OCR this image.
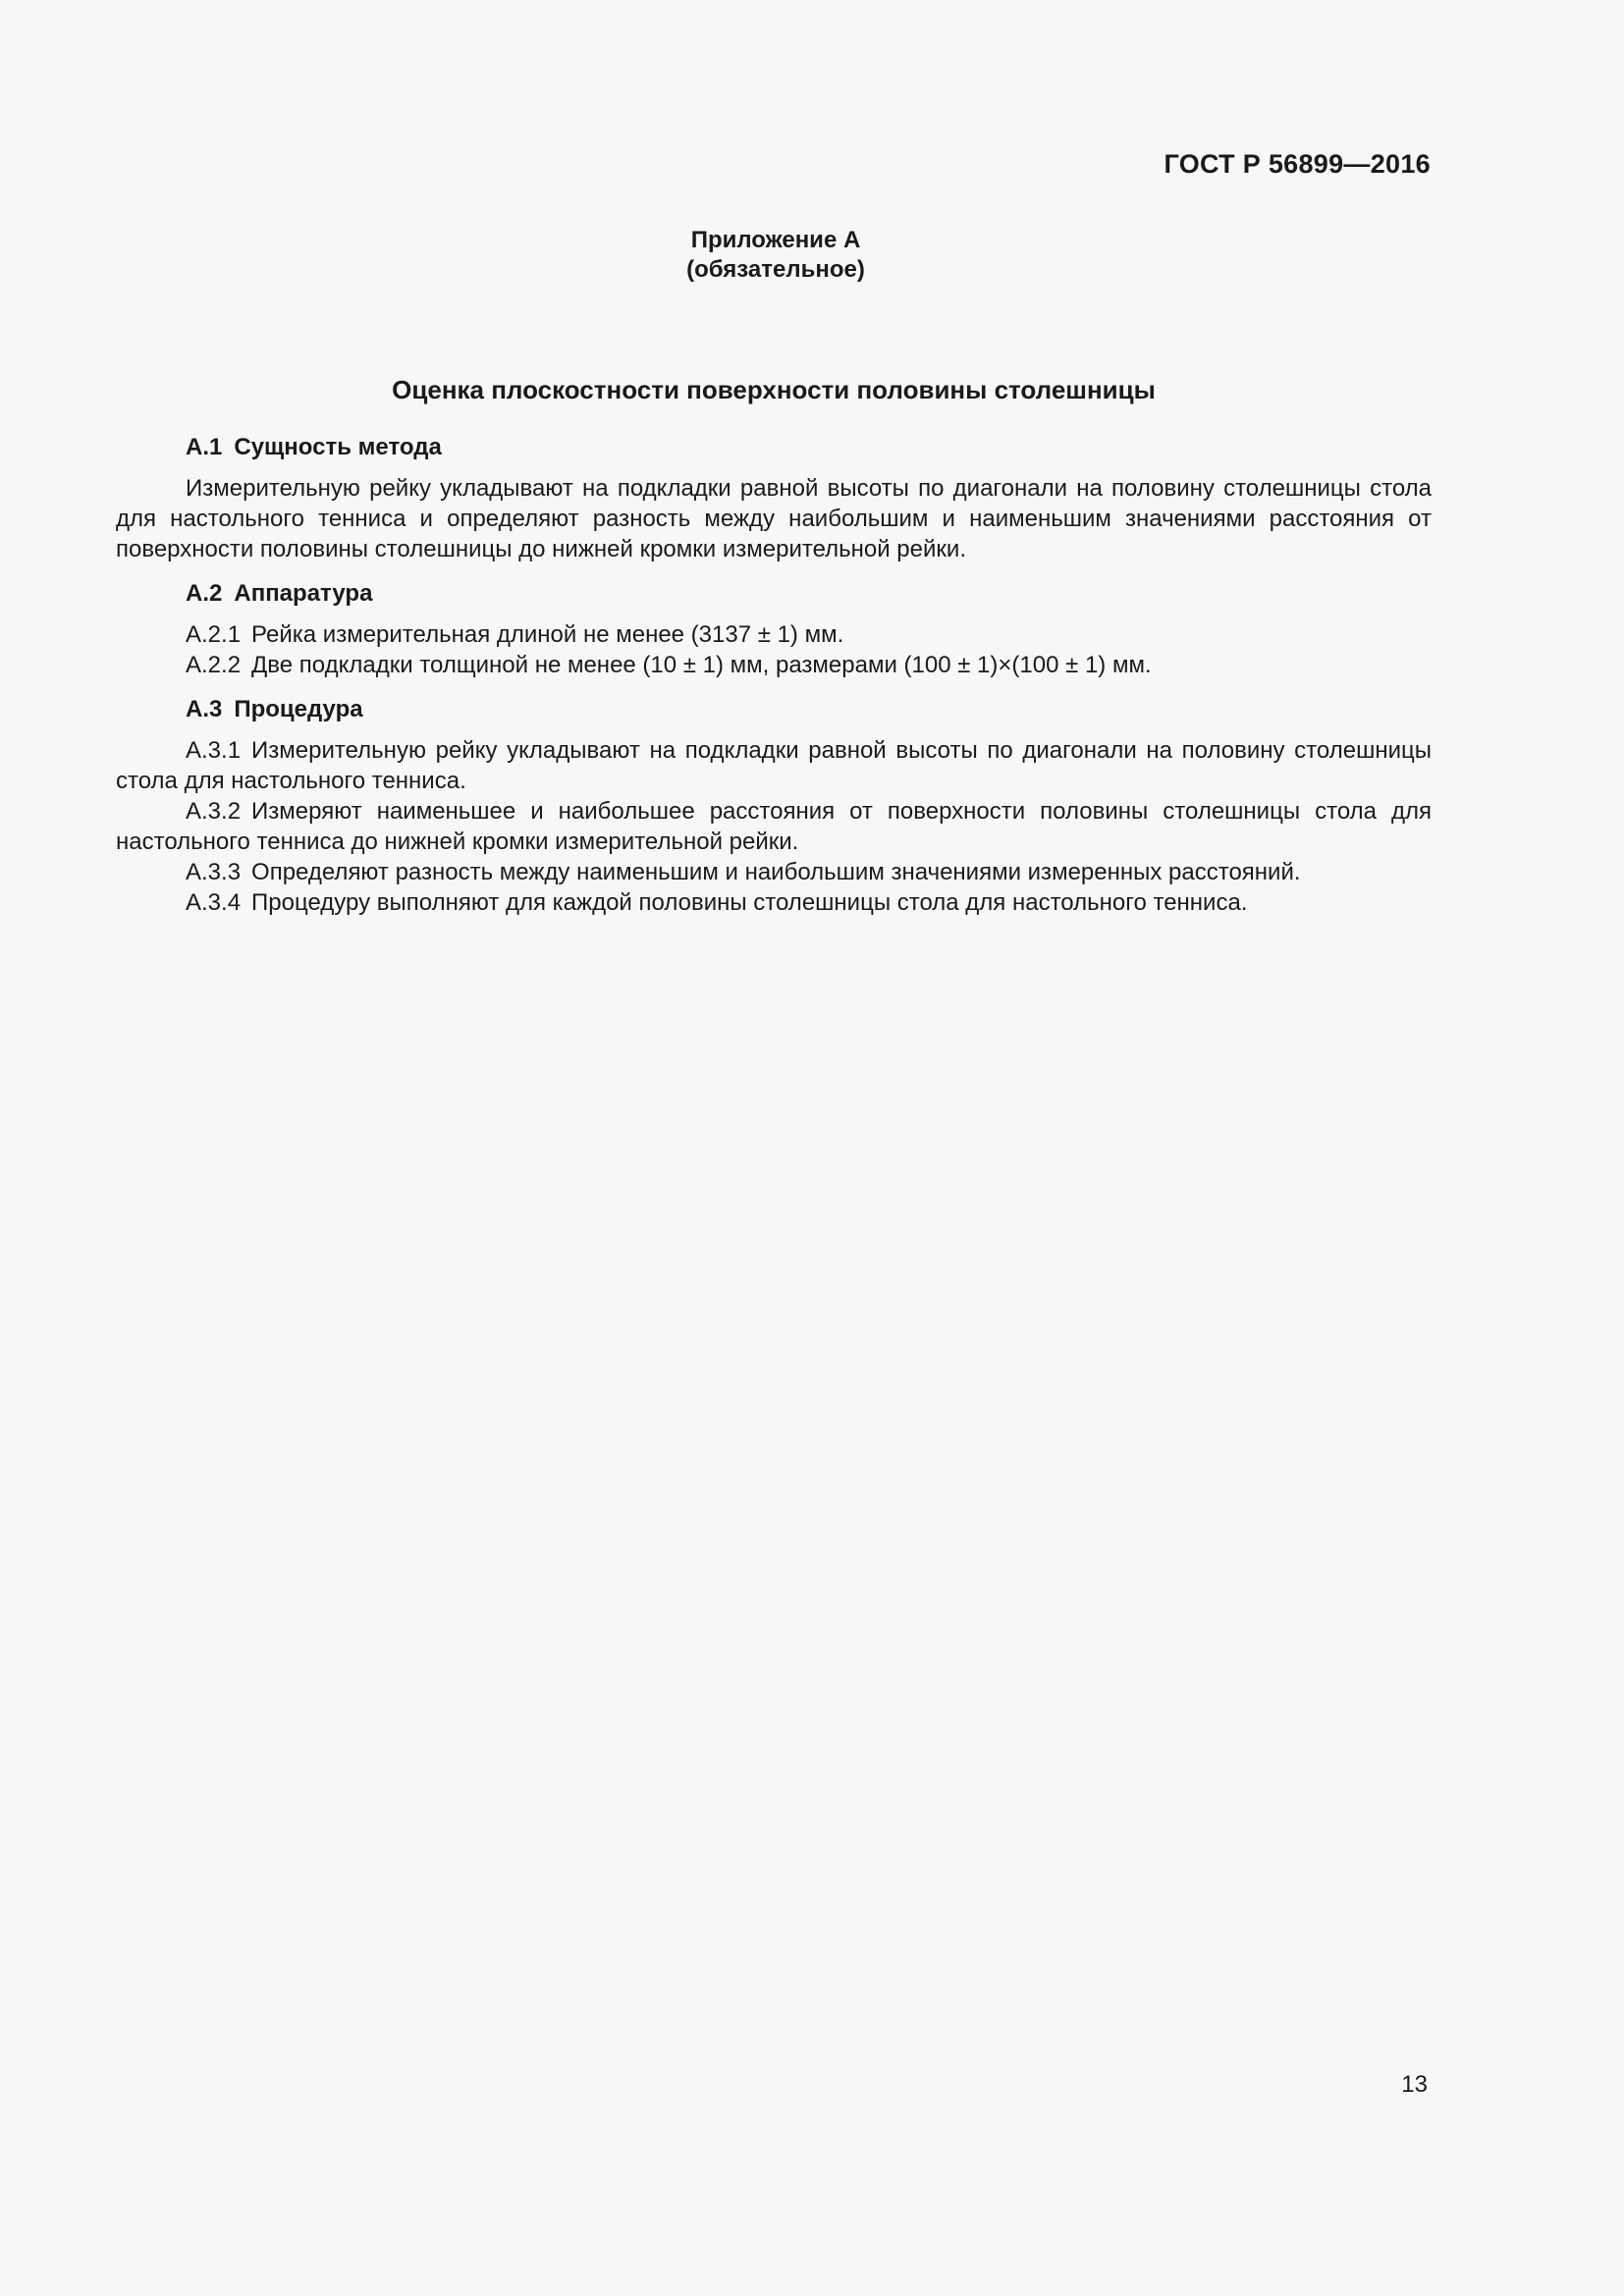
ГОСТ Р 56899—2016
Приложение А
(обязательное)
Оценка плоскостности поверхности половины столешницы
А.1 Сущность метода

Измерительную рейку укладывают на подкладки равной высоты по диагонали на половину столешницы стола для настольного тенниса и определяют разность между наибольшим и наименьшим значениями расстояния от поверхности половины столешницы до нижней кромки измерительной рейки.

А.2 Аппаратура

А.2.1 Рейка измерительная длиной не менее (3137 ± 1) мм.

А.2.2 Две подкладки толщиной не менее (10 ± 1) мм, размерами (100 ± 1)×(100 ± 1) мм.

А.3 Процедура

А.3.1 Измерительную рейку укладывают на подкладки равной высоты по диагонали на половину столешницы стола для настольного тенниса.

А.3.2 Измеряют наименьшее и наибольшее расстояния от поверхности половины столешницы стола для настольного тенниса до нижней кромки измерительной рейки.

А.3.3 Определяют разность между наименьшим и наибольшим значениями измеренных расстояний.

А.3.4 Процедуру выполняют для каждой половины столешницы стола для настольного тенниса.

13
